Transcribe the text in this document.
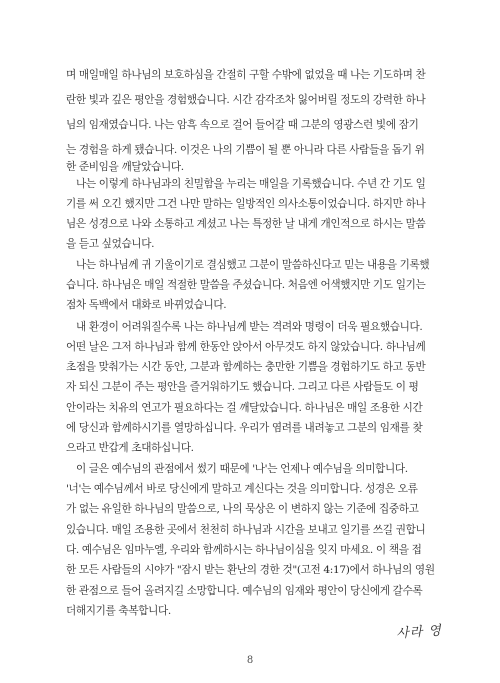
며 매일매일 하나님의 보호하심을 간절히 구할 수밖에 없었을 때 나는 기도하며 찬
란한 빛과 깊은 평안을 경험했습니다. 시간 감각조차 잃어버릴 정도의 강력한 하나
님의 임재였습니다. 나는 암흑 속으로 걸어 들어갈 때 그분의 영광스런 빛에 잠기
는 경험을 하게 됐습니다. 이것은 나의 기쁨이 될 뿐 아니라 다른 사람들을 돕기 위
한 준비임을 깨달았습니다.
나는 이렇게 하나님과의 친밀함을 누리는 매일을 기록했습니다. 수년 간 기도 일
기를 써 오긴 했지만 그건 나만 말하는 일방적인 의사소통이었습니다. 하지만 하나
님은 성경으로 나와 소통하고 계셨고 나는 특정한 날 내게 개인적으로 하시는 말씀
을 듣고 싶었습니다.
나는 하나님께 귀 기울이기로 결심했고 그분이 말씀하신다고 믿는 내용을 기록했
습니다. 하나님은 매일 적절한 말씀을 주셨습니다. 처음엔 어색했지만 기도 일기는
점차 독백에서 대화로 바뀌었습니다.
내 환경이 어려워질수록 나는 하나님께 받는 격려와 명령이 더욱 필요했습니다.
어떤 날은 그저 하나님과 함께 한동안 앉아서 아무것도 하지 않았습니다. 하나님께
초점을 맞춰가는 시간 동안, 그분과 함께하는 충만한 기쁨을 경험하기도 하고 동반
자 되신 그분이 주는 평안을 즐거워하기도 했습니다. 그리고 다른 사람들도 이 평
안이라는 치유의 연고가 필요하다는 걸 깨달았습니다. 하나님은 매일 조용한 시간
에 당신과 함께하시기를 열망하십니다. 우리가 염려를 내려놓고 그분의 임재를 찾
으라고 반갑게 초대하십니다.
이 글은 예수님의 관점에서 썼기 때문에 '나'는 언제나 예수님을 의미합니다.
'너'는 예수님께서 바로 당신에게 말하고 계신다는 것을 의미합니다. 성경은 오류
가 없는 유일한 하나님의 말씀으로, 나의 묵상은 이 변하지 않는 기준에 집중하고
있습니다. 매일 조용한 곳에서 천천히 하나님과 시간을 보내고 일기를 쓰길 권합니
다. 예수님은 임마누엘, 우리와 함께하시는 하나님이심을 잊지 마세요. 이 책을 접
한 모든 사람들의 시야가 "잠시 받는 환난의 경한 것"(고전 4:17)에서 하나님의 영원
한 관점으로 들어 올려지길 소망합니다. 예수님의 임재와 평안이 당신에게 갈수록
더해지기를 축복합니다.
사라 영
8
